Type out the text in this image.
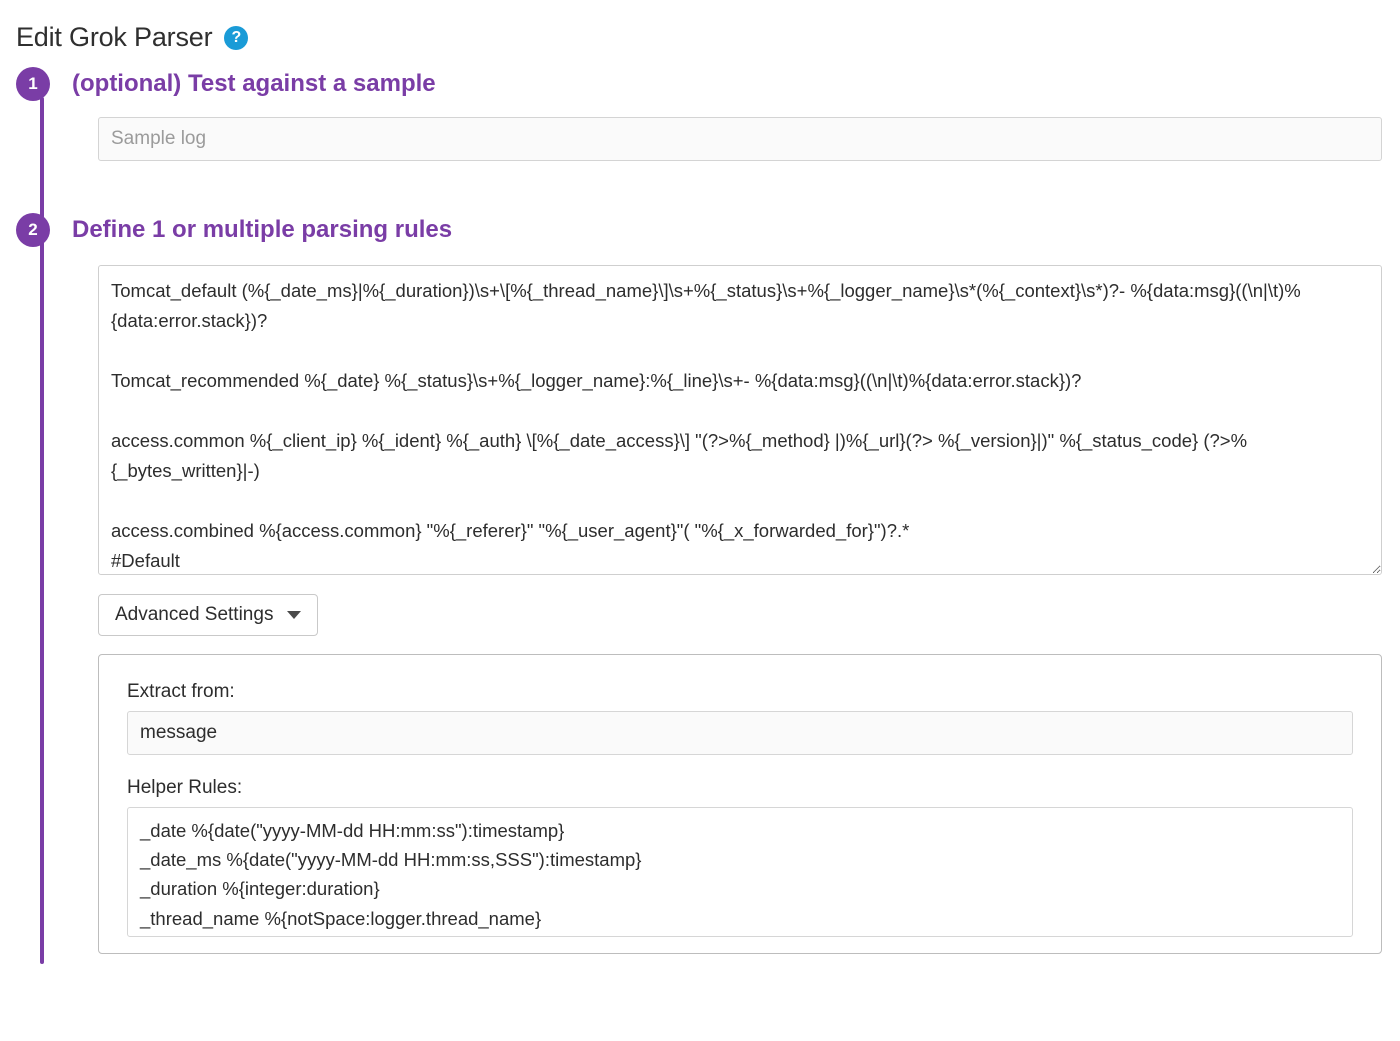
Edit Grok Parser	?
1	(optional) Test against a sample
Sample log
2	Define 1 or multiple parsing rules
Tomcat_default (%{_date_ms}|%{_duration})\s+\[%{_thread_name}\]\s+%{_status}\s+%{_logger_name}\s*(%{_context}\s*)?- %{data:msg}((\n|\t)%{data:error.stack})? Tomcat_recommended %{_date} %{_status}\s+%{_logger_name}:%{_line}\s+- %{data:msg}((\n|\t)%{data:error.stack})? access.common %{_client_ip} %{_ident} %{_auth} \[%{_date_access}\] "(?>%{_method} |)%{_url}(?> %{_version}|)" %{_status_code} (?>%{_bytes_written}|-) access.combined %{access.common} "%{_referer}" "%{_user_agent}"( "%{_x_forwarded_for}")?.* #Default
Advanced Settings
Extract from:
message
Helper Rules:
_date %{date("yyyy-MM-dd HH:mm:ss"):timestamp} _date_ms %{date("yyyy-MM-dd HH:mm:ss,SSS"):timestamp} _duration %{integer:duration} _thread_name %{notSpace:logger.thread_name}
